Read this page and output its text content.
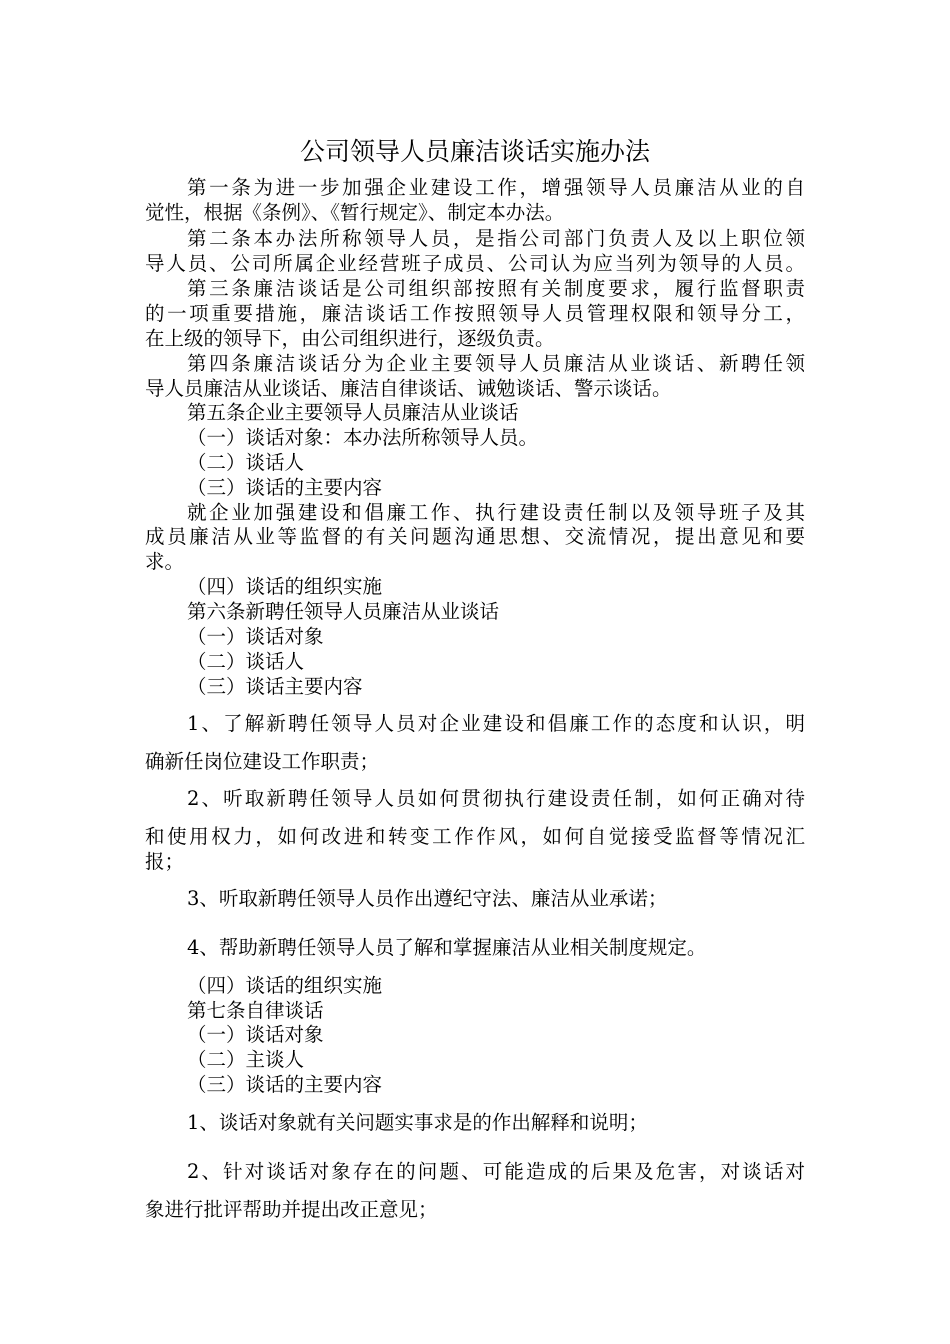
公司领导人员廉洁谈话实施办法
第一条为进一步加强企业建设工作，增强领导人员廉洁从业的自
觉性，根据《条例》、《暂行规定》、制定本办法。
第二条本办法所称领导人员，是指公司部门负责人及以上职位领
导人员、公司所属企业经营班子成员、公司认为应当列为领导的人员。
第三条廉洁谈话是公司组织部按照有关制度要求，履行监督职责
的一项重要措施，廉洁谈话工作按照领导人员管理权限和领导分工，
在上级的领导下，由公司组织进行，逐级负责。
第四条廉洁谈话分为企业主要领导人员廉洁从业谈话、新聘任领
导人员廉洁从业谈话、廉洁自律谈话、诫勉谈话、警示谈话。
第五条企业主要领导人员廉洁从业谈话
（一）谈话对象：本办法所称领导人员。
（二）谈话人
（三）谈话的主要内容
就企业加强建设和倡廉工作、执行建设责任制以及领导班子及其
成员廉洁从业等监督的有关问题沟通思想、交流情况，提出意见和要
求。
（四）谈话的组织实施
第六条新聘任领导人员廉洁从业谈话
（一）谈话对象
（二）谈话人
（三）谈话主要内容
1、了解新聘任领导人员对企业建设和倡廉工作的态度和认识，明
确新任岗位建设工作职责；
2、听取新聘任领导人员如何贯彻执行建设责任制，如何正确对待
和使用权力，如何改进和转变工作作风，如何自觉接受监督等情况汇
报；
3、听取新聘任领导人员作出遵纪守法、廉洁从业承诺；
4、帮助新聘任领导人员了解和掌握廉洁从业相关制度规定。
（四）谈话的组织实施
第七条自律谈话
（一）谈话对象
（二）主谈人
（三）谈话的主要内容
1、谈话对象就有关问题实事求是的作出解释和说明；
2、针对谈话对象存在的问题、可能造成的后果及危害，对谈话对
象进行批评帮助并提出改正意见；
